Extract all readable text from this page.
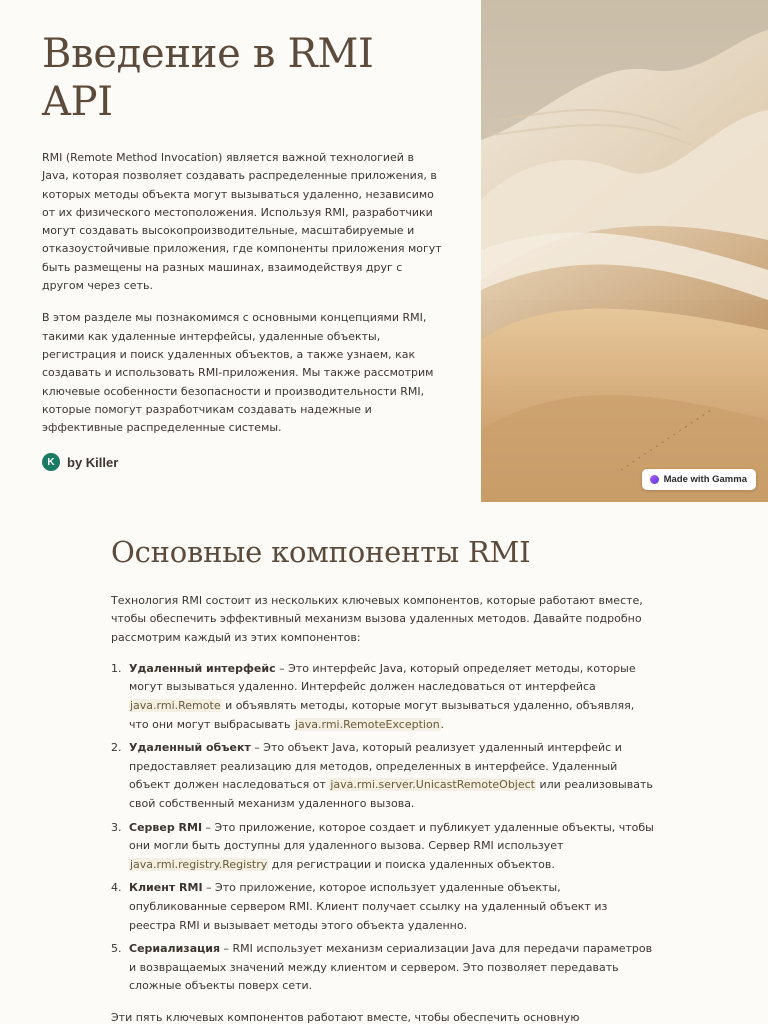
Введение в RMI API

RMI (Remote Method Invocation) является важной технологией в Java, которая позволяет создавать распределенные приложения, в которых методы объекта могут вызываться удаленно, независимо от их физического местоположения. Используя RMI, разработчики могут создавать высокопроизводительные, масштабируемые и отказоустойчивые приложения, где компоненты приложения могут быть размещены на разных машинах, взаимодействуя друг с другом через сеть.

В этом разделе мы познакомимся с основными концепциями RMI, такими как удаленные интерфейсы, удаленные объекты, регистрация и поиск удаленных объектов, а также узнаем, как создавать и использовать RMI-приложения. Мы также рассмотрим ключевые особенности безопасности и производительности RMI, которые помогут разработчикам создавать надежные и эффективные распределенные системы.

K by Killer
Made with Gamma
Основные компоненты RMI

Технология RMI состоит из нескольких ключевых компонентов, которые работают вместе, чтобы обеспечить эффективный механизм вызова удаленных методов. Давайте подробно рассмотрим каждый из этих компонентов:

1. Удаленный интерфейс – Это интерфейс Java, который определяет методы, которые могут вызываться удаленно. Интерфейс должен наследоваться от интерфейса java.rmi.Remote и объявлять методы, которые могут вызываться удаленно, объявляя, что они могут выбрасывать java.rmi.RemoteException.
2. Удаленный объект – Это объект Java, который реализует удаленный интерфейс и предоставляет реализацию для методов, определенных в интерфейсе. Удаленный объект должен наследоваться от java.rmi.server.UnicastRemoteObject или реализовывать свой собственный механизм удаленного вызова.
3. Сервер RMI – Это приложение, которое создает и публикует удаленные объекты, чтобы они могли быть доступны для удаленного вызова. Сервер RMI использует java.rmi.registry.Registry для регистрации и поиска удаленных объектов.
4. Клиент RMI – Это приложение, которое использует удаленные объекты, опубликованные сервером RMI. Клиент получает ссылку на удаленный объект из реестра RMI и вызывает методы этого объекта удаленно.
5. Сериализация – RMI использует механизм сериализации Java для передачи параметров и возвращаемых значений между клиентом и сервером. Это позволяет передавать сложные объекты поверх сети.

Эти пять ключевых компонентов работают вместе, чтобы обеспечить основную
